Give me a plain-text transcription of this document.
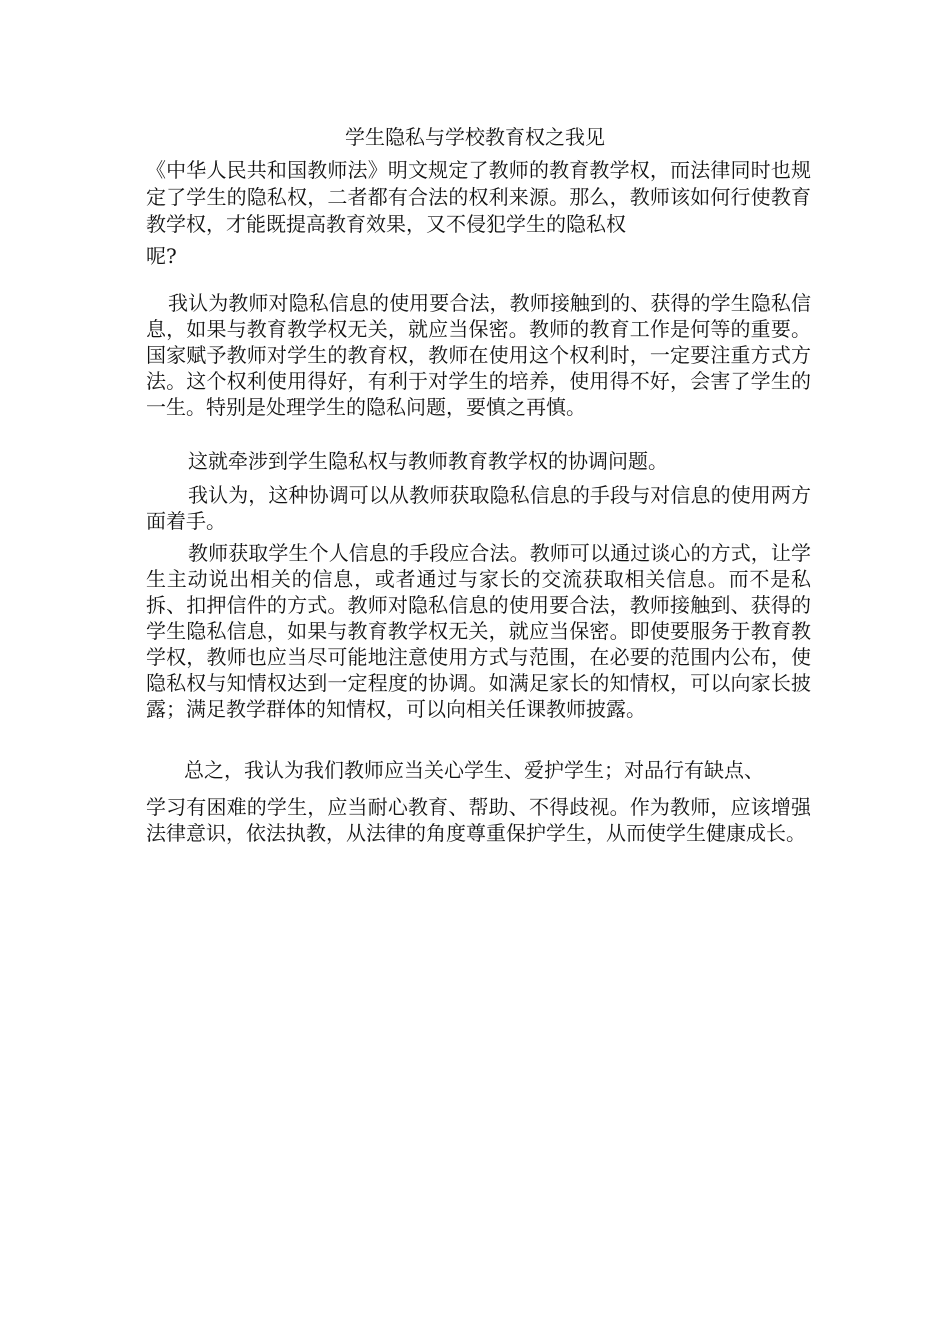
学生隐私与学校教育权之我见

《中华人民共和国教师法》明文规定了教师的教育教学权，而法律同时也规定了学生的隐私权，二者都有合法的权利来源。那么，教师该如何行使教育教学权，才能既提高教育效果，又不侵犯学生的隐私权

呢?

我认为教师对隐私信息的使用要合法，教师接触到的、获得的学生隐私信息，如果与教育教学权无关，就应当保密。教师的教育工作是何等的重要。国家赋予教师对学生的教育权，教师在使用这个权利时，一定要注重方式方法。这个权利使用得好，有利于对学生的培养，使用得不好，会害了学生的一生。特别是处理学生的隐私问题，要慎之再慎。

这就牵涉到学生隐私权与教师教育教学权的协调问题。

我认为，这种协调可以从教师获取隐私信息的手段与对信息的使用两方面着手。

教师获取学生个人信息的手段应合法。教师可以通过谈心的方式，让学生主动说出相关的信息，或者通过与家长的交流获取相关信息。而不是私拆、扣押信件的方式。教师对隐私信息的使用要合法，教师接触到、获得的学生隐私信息，如果与教育教学权无关，就应当保密。即使要服务于教育教学权，教师也应当尽可能地注意使用方式与范围，在必要的范围内公布，使隐私权与知情权达到一定程度的协调。如满足家长的知情权，可以向家长披露；满足教学群体的知情权，可以向相关任课教师披露。

总之，我认为我们教师应当关心学生、爱护学生；对品行有缺点、

学习有困难的学生，应当耐心教育、帮助、不得歧视。作为教师，应该增强法律意识，依法执教，从法律的角度尊重保护学生，从而使学生健康成长。
